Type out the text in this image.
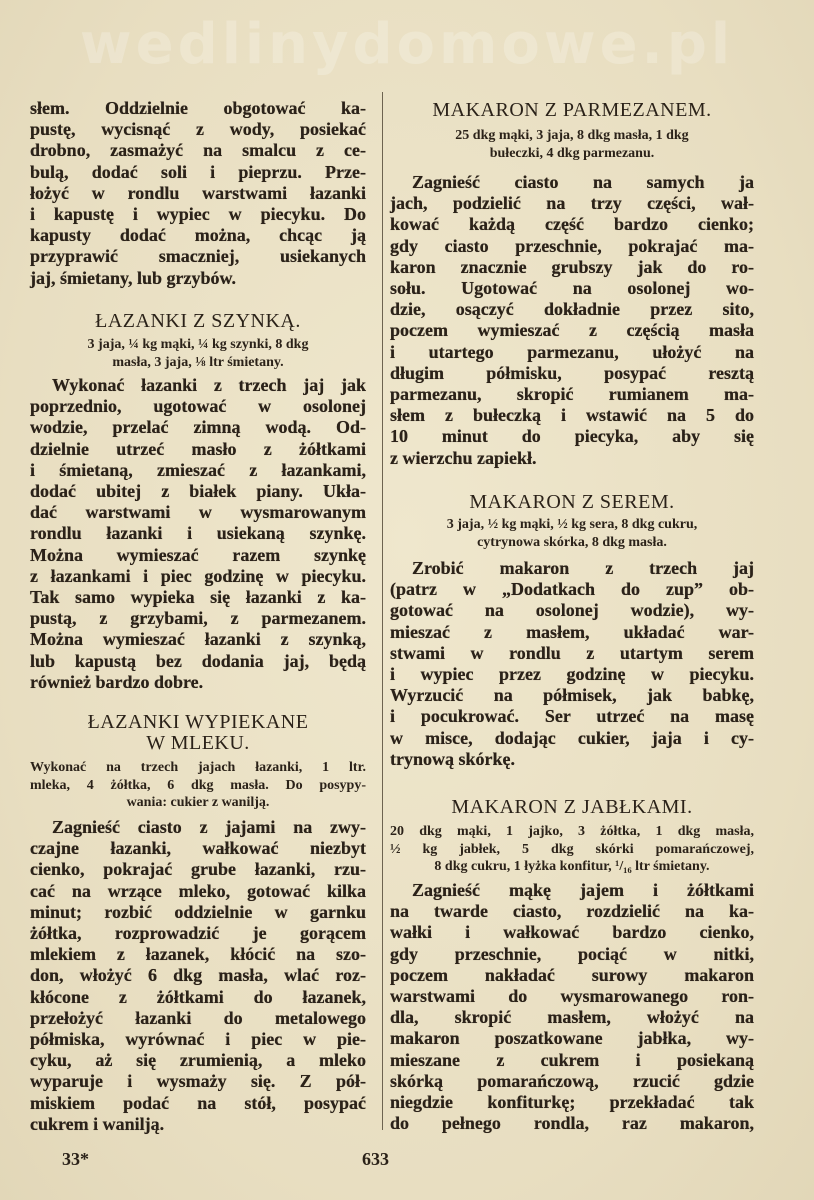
słem. Oddzielnie obgotować ka-
pustę, wycisnąć z wody, posiekać
drobno, zasmażyć na smalcu z ce-
bulą, dodać soli i pieprzu. Prze-
łożyć w rondlu warstwami łazanki
i kapustę i wypiec w piecyku. Do
kapusty dodać można, chcąc ją
przyprawić smaczniej, usiekanych
jaj, śmietany, lub grzybów.
ŁAZANKI Z SZYNKĄ.
3 jaja, ¼ kg mąki, ¼ kg szynki, 8 dkg
masła, 3 jaja, ⅛ ltr śmietany.
Wykonać łazanki z trzech jaj jak
poprzednio, ugotować w osolonej
wodzie, przelać zimną wodą. Od-
dzielnie utrzeć masło z żółtkami
i śmietaną, zmieszać z łazankami,
dodać ubitej z białek piany. Ukła-
dać warstwami w wysmarowanym
rondlu łazanki i usiekaną szynkę.
Można wymieszać razem szynkę
z łazankami i piec godzinę w piecyku.
Tak samo wypieka się łazanki z ka-
pustą, z grzybami, z parmezanem.
Można wymieszać łazanki z szynką,
lub kapustą bez dodania jaj, będą
również bardzo dobre.
ŁAZANKI WYPIEKANE
W MLEKU.
Wykonać na trzech jajach łazanki, 1 ltr.
mleka, 4 żółtka, 6 dkg masła. Do posypy-
wania: cukier z wanilją.
Zagnieść ciasto z jajami na zwy-
czajne łazanki, wałkować niezbyt
cienko, pokrajać grube łazanki, rzu-
cać na wrzące mleko, gotować kilka
minut; rozbić oddzielnie w garnku
żółtka, rozprowadzić je gorącem
mlekiem z łazanek, kłócić na szo-
don, włożyć 6 dkg masła, wlać roz-
kłócone z żółtkami do łazanek,
przełożyć łazanki do metalowego
półmiska, wyrównać i piec w pie-
cyku, aż się zrumienią, a mleko
wyparuje i wysmaży się. Z pół-
miskiem podać na stół, posypać
cukrem i wanilją.
MAKARON Z PARMEZANEM.
25 dkg mąki, 3 jaja, 8 dkg masła, 1 dkg
bułeczki, 4 dkg parmezanu.
Zagnieść ciasto na samych ja
jach, podzielić na trzy części, wał-
kować każdą część bardzo cienko;
gdy ciasto przeschnie, pokrajać ma-
karon znacznie grubszy jak do ro-
sołu. Ugotować na osolonej wo-
dzie, osączyć dokładnie przez sito,
poczem wymieszać z częścią masła
i utartego parmezanu, ułożyć na
długim półmisku, posypać resztą
parmezanu, skropić rumianem ma-
słem z bułeczką i wstawić na 5 do
10 minut do piecyka, aby się
z wierzchu zapiekł.
MAKARON Z SEREM.
3 jaja, ½ kg mąki, ½ kg sera, 8 dkg cukru,
cytrynowa skórka, 8 dkg masła.
Zrobić makaron z trzech jaj
(patrz w „Dodatkach do zup” ob-
gotować na osolonej wodzie), wy-
mieszać z masłem, układać war-
stwami w rondlu z utartym serem
i wypiec przez godzinę w piecyku.
Wyrzucić na półmisek, jak babkę,
i pocukrować. Ser utrzeć na masę
w misce, dodając cukier, jaja i cy-
trynową skórkę.
MAKARON Z JABŁKAMI.
20 dkg mąki, 1 jajko, 3 żółtka, 1 dkg masła,
½ kg jabłek, 5 dkg skórki pomarańczowej,
8 dkg cukru, 1 łyżka konfitur, ¹/₁₆ ltr śmietany.
Zagnieść mąkę jajem i żółtkami
na twarde ciasto, rozdzielić na ka-
wałki i wałkować bardzo cienko,
gdy przeschnie, pociąć w nitki,
poczem nakładać surowy makaron
warstwami do wysmarowanego ron-
dla, skropić masłem, włożyć na
makaron poszatkowane jabłka, wy-
mieszane z cukrem i posiekaną
skórką pomarańczową, rzucić gdzie
niegdzie konfiturkę; przekładać tak
do pełnego rondla, raz makaron,
33*	633
wedlinydomowe.pl
